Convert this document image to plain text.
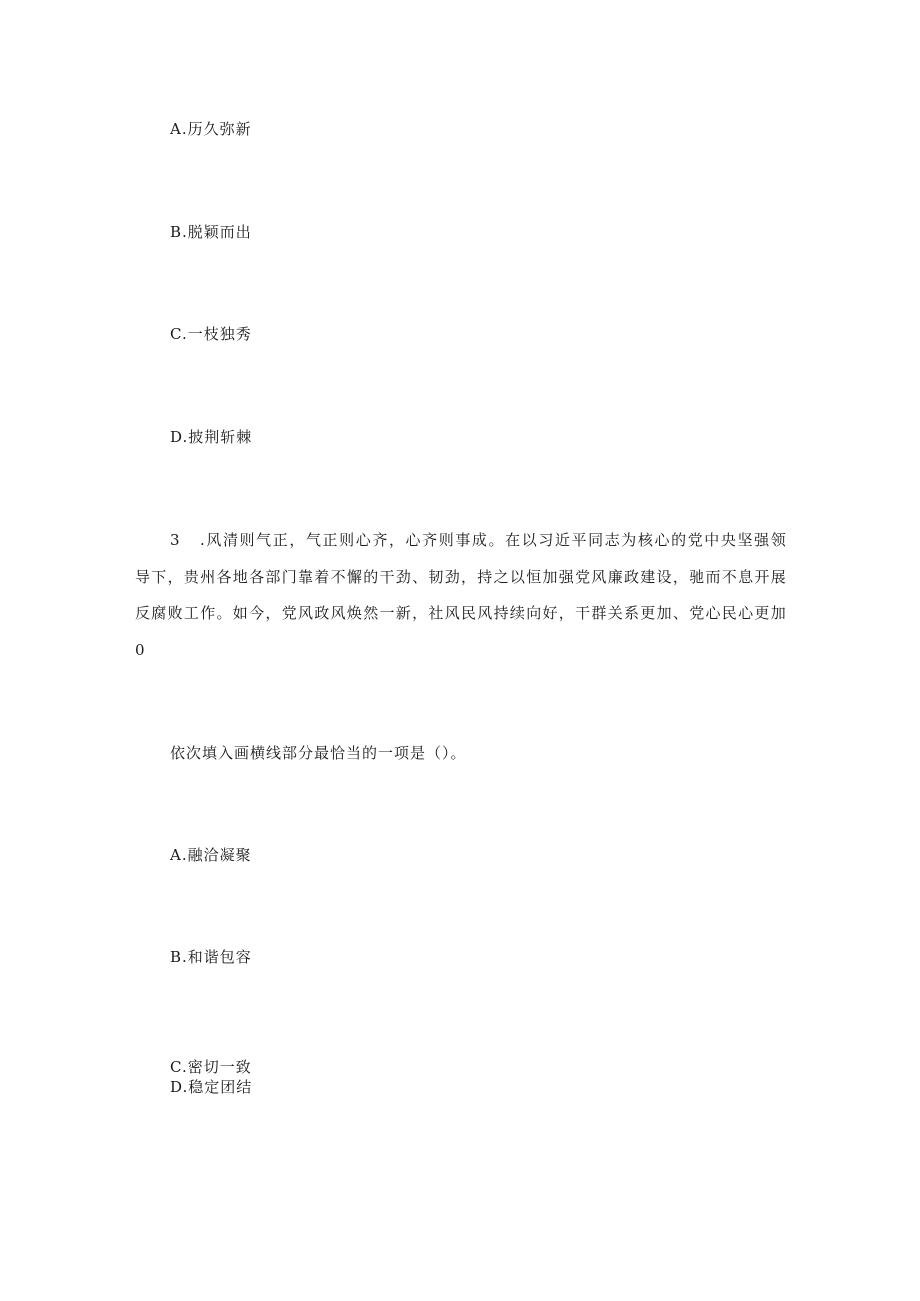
A.历久弥新
B.脱颖而出
C.一枝独秀
D.披荆斩棘
3 .风清则气正，气正则心齐，心齐则事成。在以习近平同志为核心的党中央坚强领导下，贵州各地各部门靠着不懈的干劲、韧劲，持之以恒加强党风廉政建设，驰而不息开展反腐败工作。如今，党风政风焕然一新，社风民风持续向好，干群关系更加、党心民心更加0
依次填入画横线部分最恰当的一项是（）。
A.融洽凝聚
B.和谐包容
C.密切一致
D.稳定团结
